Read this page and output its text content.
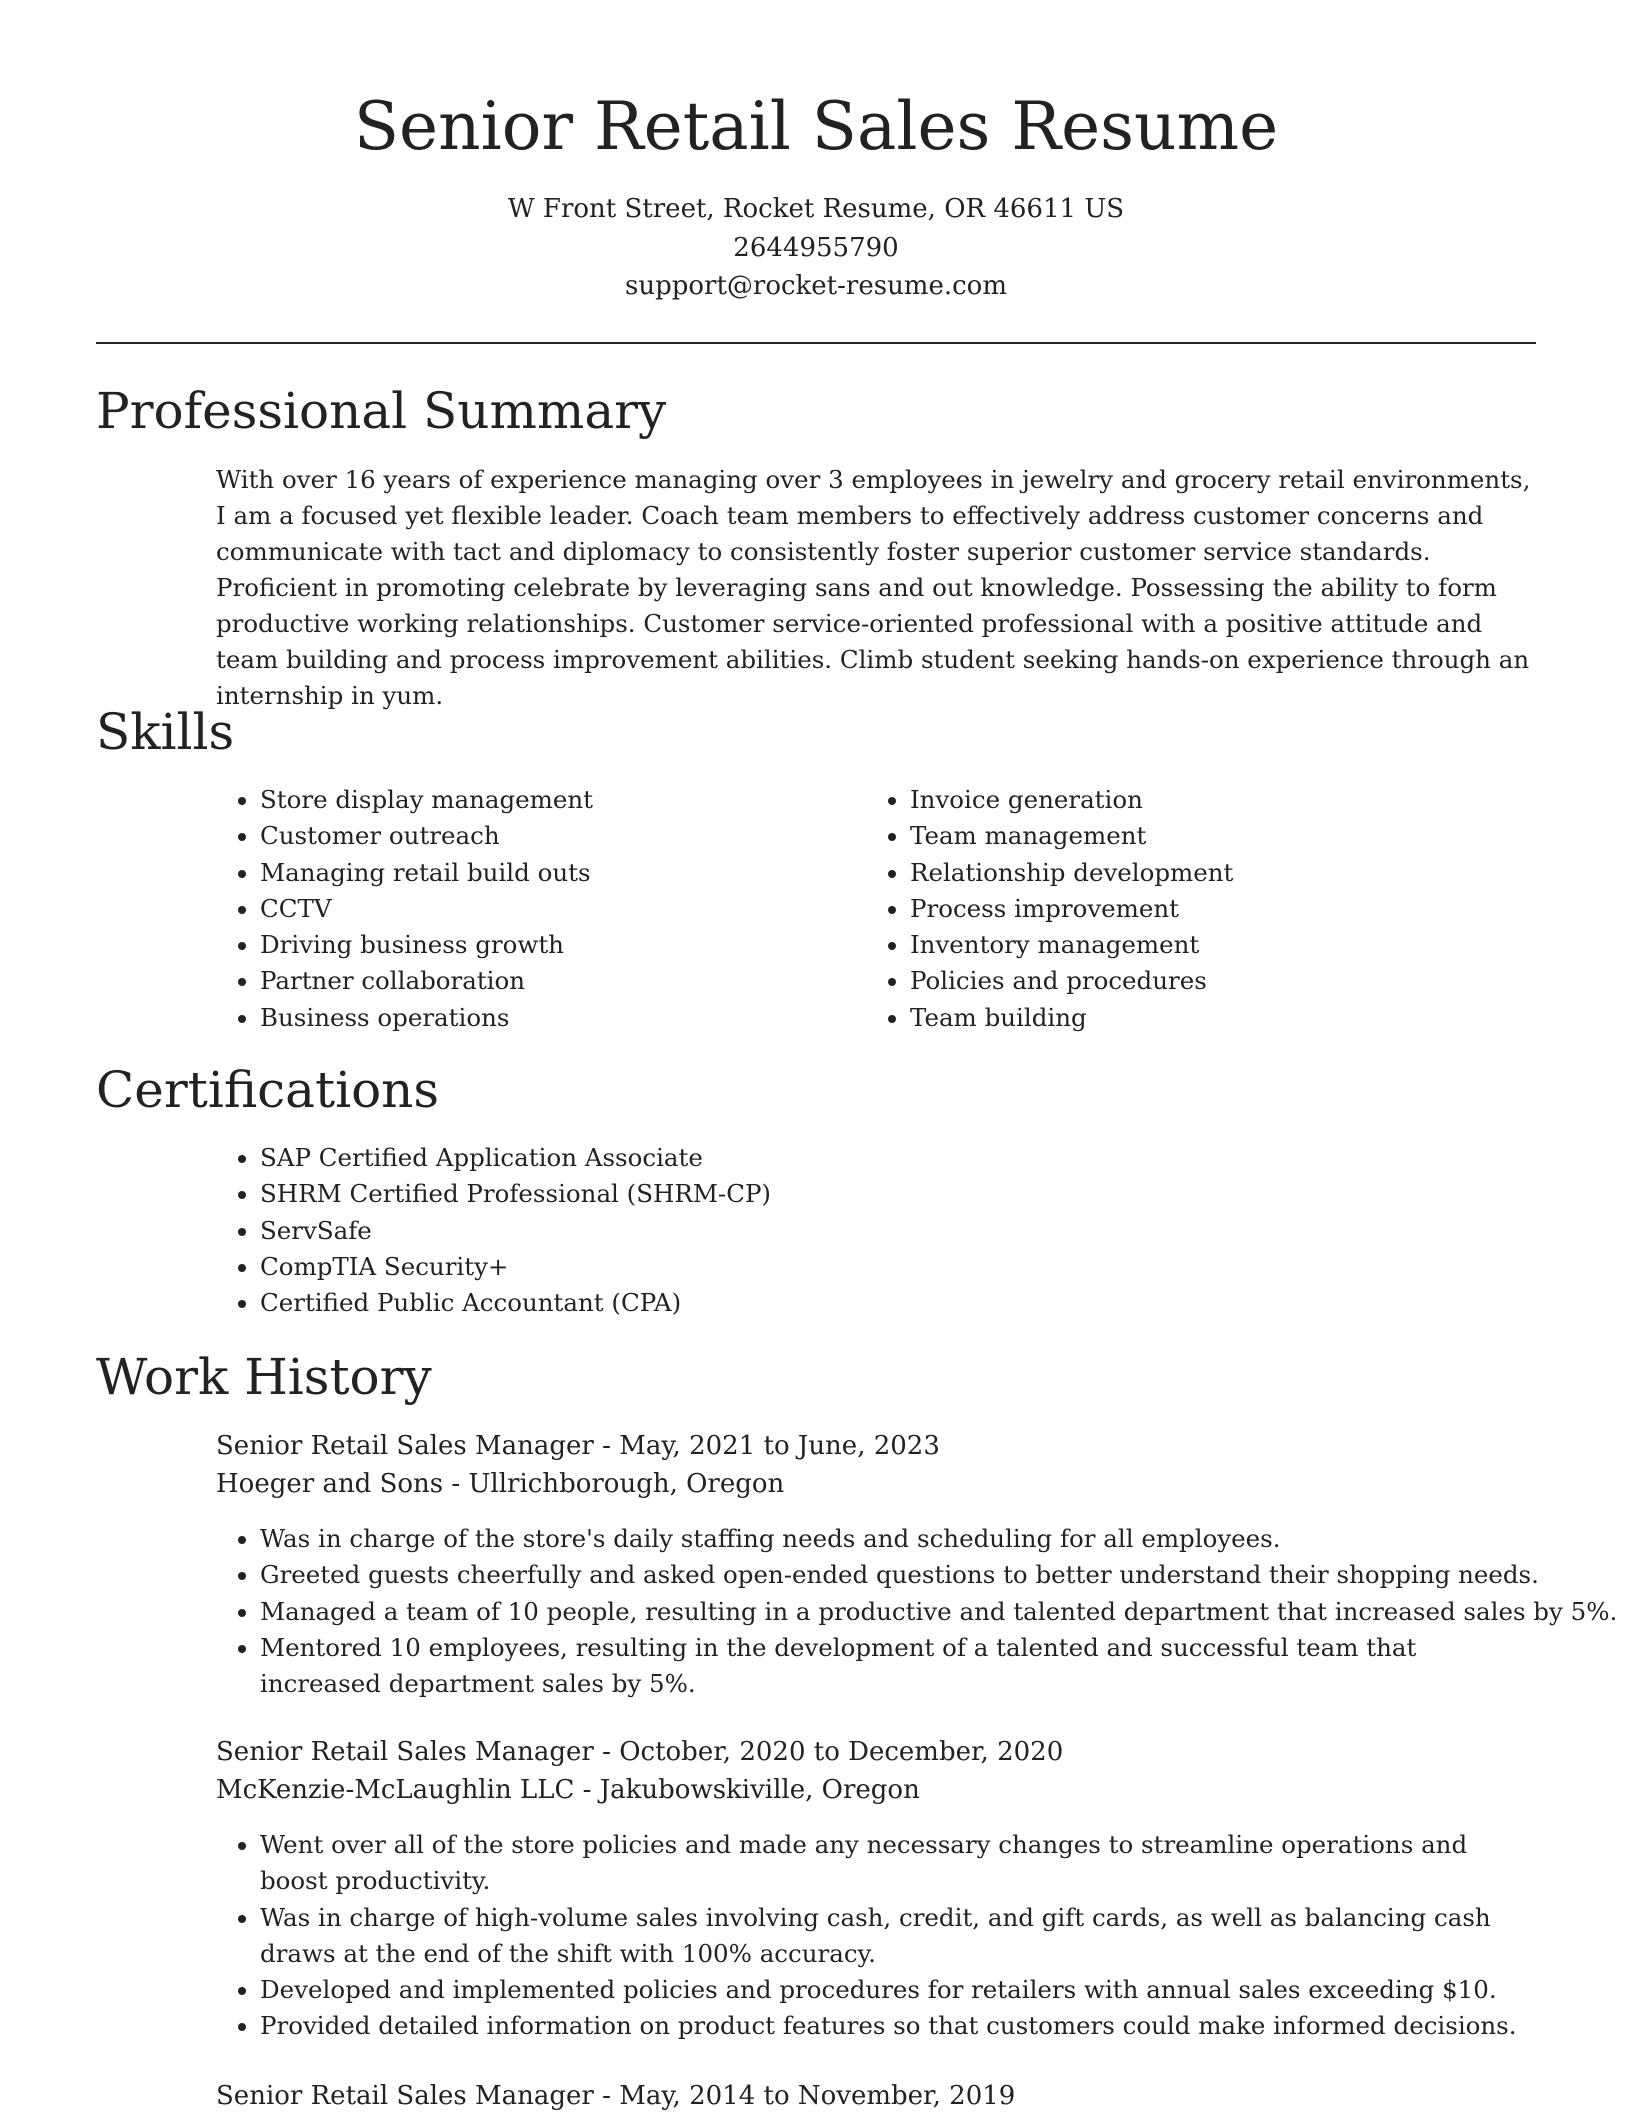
Senior Retail Sales Resume
W Front Street, Rocket Resume, OR 46611 US
2644955790
support@rocket-resume.com
Professional Summary

With over 16 years of experience managing over 3 employees in jewelry and grocery retail environments, I am a focused yet flexible leader. Coach team members to effectively address customer concerns and communicate with tact and diplomacy to consistently foster superior customer service standards. Proficient in promoting celebrate by leveraging sans and out knowledge. Possessing the ability to form productive working relationships. Customer service-oriented professional with a positive attitude and team building and process improvement abilities. Climb student seeking hands-on experience through an internship in yum.

Skills
• Store display management
• Customer outreach
• Managing retail build outs
• CCTV
• Driving business growth
• Partner collaboration
• Business operations
• Invoice generation
• Team management
• Relationship development
• Process improvement
• Inventory management
• Policies and procedures
• Team building
Certifications
• SAP Certified Application Associate
• SHRM Certified Professional (SHRM-CP)
• ServSafe
• CompTIA Security+
• Certified Public Accountant (CPA)
Work History
Senior Retail Sales Manager - May, 2021 to June, 2023
Hoeger and Sons - Ullrichborough, Oregon
• Was in charge of the store's daily staffing needs and scheduling for all employees.
• Greeted guests cheerfully and asked open-ended questions to better understand their shopping needs.
• Managed a team of 10 people, resulting in a productive and talented department that increased sales by 5%.
• Mentored 10 employees, resulting in the development of a talented and successful team that increased department sales by 5%.
Senior Retail Sales Manager - October, 2020 to December, 2020
McKenzie-McLaughlin LLC - Jakubowskiville, Oregon
• Went over all of the store policies and made any necessary changes to streamline operations and boost productivity.
• Was in charge of high-volume sales involving cash, credit, and gift cards, as well as balancing cash draws at the end of the shift with 100% accuracy.
• Developed and implemented policies and procedures for retailers with annual sales exceeding $10.
• Provided detailed information on product features so that customers could make informed decisions.
Senior Retail Sales Manager - May, 2014 to November, 2019
